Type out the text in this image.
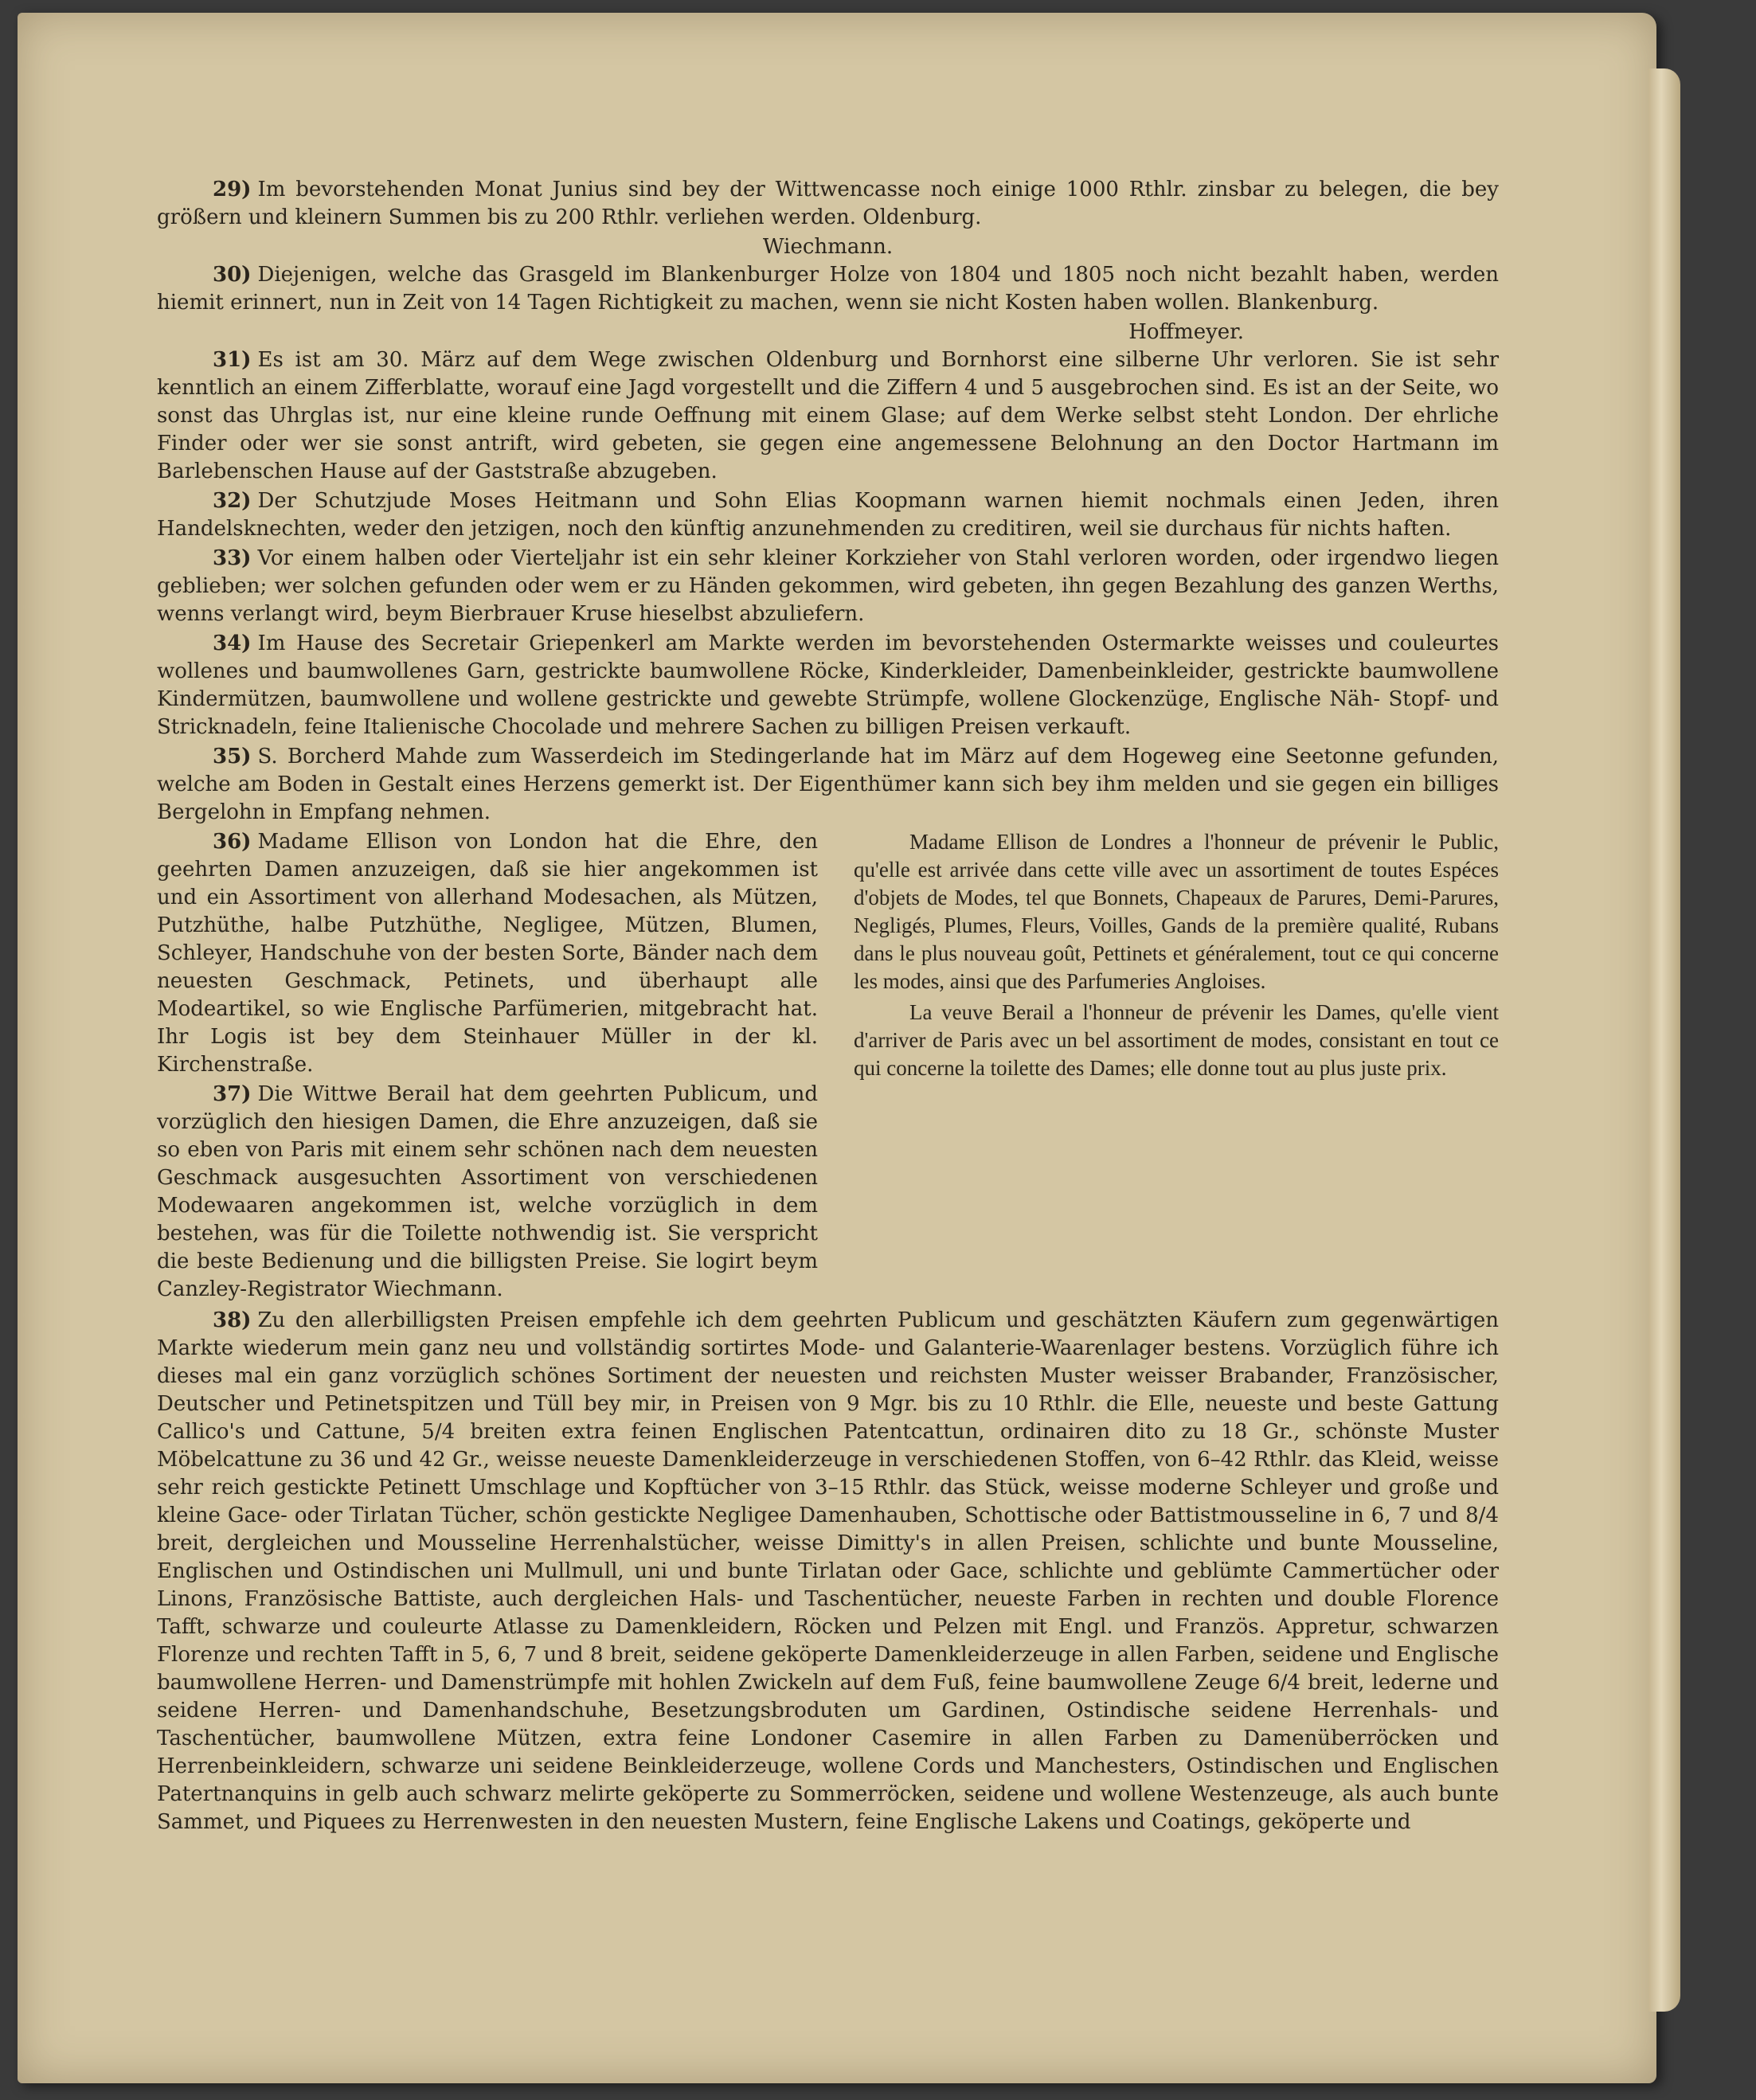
29) Im bevorstehenden Monat Junius sind bey der Wittwencasse noch einige 1000 Rthlr. zinsbar zu belegen, die bey größern und kleinern Summen bis zu 200 Rthlr. verliehen werden. Oldenburg.

Wiechmann.

30) Diejenigen, welche das Grasgeld im Blankenburger Holze von 1804 und 1805 noch nicht bezahlt haben, werden hiemit erinnert, nun in Zeit von 14 Tagen Richtigkeit zu machen, wenn sie nicht Kosten haben wollen. Blankenburg.

Hoffmeyer.

31) Es ist am 30. März auf dem Wege zwischen Oldenburg und Bornhorst eine silberne Uhr verloren. Sie ist sehr kenntlich an einem Zifferblatte, worauf eine Jagd vorgestellt und die Ziffern 4 und 5 ausgebrochen sind. Es ist an der Seite, wo sonst das Uhrglas ist, nur eine kleine runde Oeffnung mit einem Glase; auf dem Werke selbst steht London. Der ehrliche Finder oder wer sie sonst antrift, wird gebeten, sie gegen eine angemessene Belohnung an den Doctor Hartmann im Barlebenschen Hause auf der Gaststraße abzugeben.

32) Der Schutzjude Moses Heitmann und Sohn Elias Koopmann warnen hiemit nochmals einen Jeden, ihren Handelsknechten, weder den jetzigen, noch den künftig anzunehmenden zu creditiren, weil sie durchaus für nichts haften.

33) Vor einem halben oder Vierteljahr ist ein sehr kleiner Korkzieher von Stahl verloren worden, oder irgendwo liegen geblieben; wer solchen gefunden oder wem er zu Händen gekommen, wird gebeten, ihn gegen Bezahlung des ganzen Werths, wenns verlangt wird, beym Bierbrauer Kruse hieselbst abzuliefern.

34) Im Hause des Secretair Griepenkerl am Markte werden im bevorstehenden Ostermarkte weisses und couleurtes wollenes und baumwollenes Garn, gestrickte baumwollene Röcke, Kinderkleider, Damenbeinkleider, gestrickte baumwollene Kindermützen, baumwollene und wollene gestrickte und gewebte Strümpfe, wollene Glockenzüge, Englische Näh- Stopf- und Stricknadeln, feine Italienische Chocolade und mehrere Sachen zu billigen Preisen verkauft.

35) S. Borcherd Mahde zum Wasserdeich im Stedingerlande hat im März auf dem Hogeweg eine Seetonne gefunden, welche am Boden in Gestalt eines Herzens gemerkt ist. Der Eigenthümer kann sich bey ihm melden und sie gegen ein billiges Bergelohn in Empfang nehmen.

36) Madame Ellison von London hat die Ehre, den geehrten Damen anzuzeigen, daß sie hier angekommen ist und ein Assortiment von allerhand Modesachen, als Mützen, Putzhüthe, halbe Putzhüthe, Negligee, Mützen, Blumen, Schleyer, Handschuhe von der besten Sorte, Bänder nach dem neuesten Geschmack, Petinets, und überhaupt alle Modeartikel, so wie Englische Parfümerien, mitgebracht hat. Ihr Logis ist bey dem Steinhauer Müller in der kl. Kirchenstraße.

37) Die Wittwe Berail hat dem geehrten Publicum, und vorzüglich den hiesigen Damen, die Ehre anzuzeigen, daß sie so eben von Paris mit einem sehr schönen nach dem neuesten Geschmack ausgesuchten Assortiment von verschiedenen Modewaaren angekommen ist, welche vorzüglich in dem bestehen, was für die Toilette nothwendig ist. Sie verspricht die beste Bedienung und die billigsten Preise. Sie logirt beym Canzley-Registrator Wiechmann.

Madame Ellison de Londres a l'honneur de prévenir le Public, qu'elle est arrivée dans cette ville avec un assortiment de toutes Espéces d'objets de Modes, tel que Bonnets, Chapeaux de Parures, Demi-Parures, Negligés, Plumes, Fleurs, Voilles, Gands de la première qualité, Rubans dans le plus nouveau goût, Pettinets et généralement, tout ce qui concerne les modes, ainsi que des Parfumeries Angloises.

La veuve Berail a l'honneur de prévenir les Dames, qu'elle vient d'arriver de Paris avec un bel assortiment de modes, consistant en tout ce qui concerne la toilette des Dames; elle donne tout au plus juste prix.

38) Zu den allerbilligsten Preisen empfehle ich dem geehrten Publicum und geschätzten Käufern zum gegenwärtigen Markte wiederum mein ganz neu und vollständig sortirtes Mode- und Galanterie-Waarenlager bestens. Vorzüglich führe ich dieses mal ein ganz vorzüglich schönes Sortiment der neuesten und reichsten Muster weisser Brabander, Französischer, Deutscher und Petinetspitzen und Tüll bey mir, in Preisen von 9 Mgr. bis zu 10 Rthlr. die Elle, neueste und beste Gattung Callico's und Cattune, 5/4 breiten extra feinen Englischen Patentcattun, ordinairen dito zu 18 Gr., schönste Muster Möbelcattune zu 36 und 42 Gr., weisse neueste Damenkleiderzeuge in verschiedenen Stoffen, von 6–42 Rthlr. das Kleid, weisse sehr reich gestickte Petinett Umschlage und Kopftücher von 3–15 Rthlr. das Stück, weisse moderne Schleyer und große und kleine Gace- oder Tirlatan Tücher, schön gestickte Negligee Damenhauben, Schottische oder Battistmousseline in 6, 7 und 8/4 breit, dergleichen und Mousseline Herrenhalstücher, weisse Dimitty's in allen Preisen, schlichte und bunte Mousseline, Englischen und Ostindischen uni Mullmull, uni und bunte Tirlatan oder Gace, schlichte und geblümte Cammertücher oder Linons, Französische Battiste, auch dergleichen Hals- und Taschentücher, neueste Farben in rechten und double Florence Tafft, schwarze und couleurte Atlasse zu Damenkleidern, Röcken und Pelzen mit Engl. und Französ. Appretur, schwarzen Florenze und rechten Tafft in 5, 6, 7 und 8 breit, seidene geköperte Damenkleiderzeuge in allen Farben, seidene und Englische baumwollene Herren- und Damenstrümpfe mit hohlen Zwickeln auf dem Fuß, feine baumwollene Zeuge 6/4 breit, lederne und seidene Herren- und Damenhandschuhe, Besetzungsbroduten um Gardinen, Ostindische seidene Herrenhals- und Taschentücher, baumwollene Mützen, extra feine Londoner Casemire in allen Farben zu Damenüberröcken und Herrenbeinkleidern, schwarze uni seidene Beinkleiderzeuge, wollene Cords und Manchesters, Ostindischen und Englischen Patertnanquins in gelb auch schwarz melirte geköperte zu Sommerröcken, seidene und wollene Westenzeuge, als auch bunte Sammet, und Piquees zu Herrenwesten in den neuesten Mustern, feine Englische Lakens und Coatings, geköperte und
